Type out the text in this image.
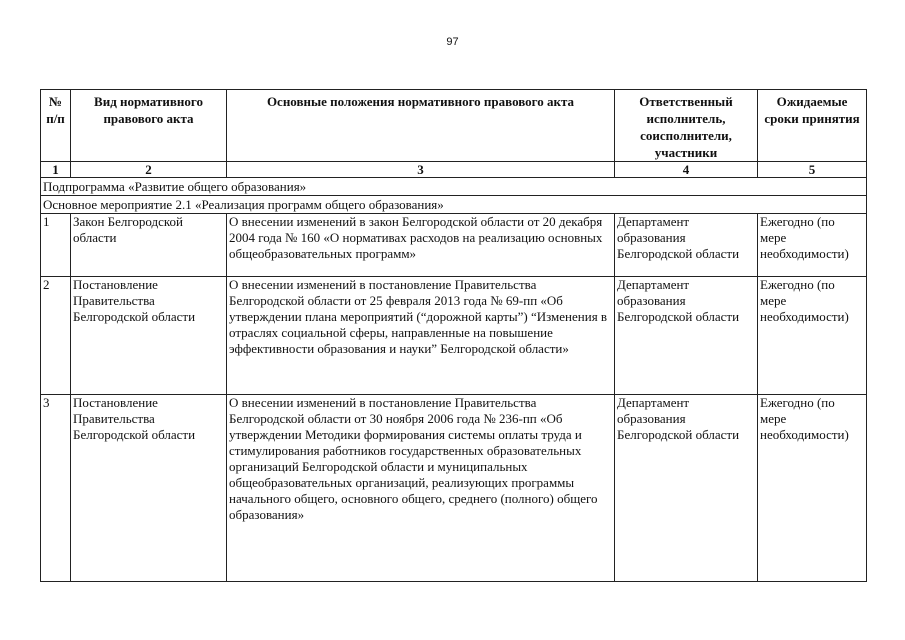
97
№ п/п	Вид нормативного правового акта	Основные положения нормативного правового акта	Ответственный исполнитель, соисполнители, участники	Ожидаемые сроки принятия
1	2	3	4	5
Подпрограмма «Развитие общего образования»				
Основное мероприятие 2.1 «Реализация программ общего образования»				
1	Закон Белгородской области	О внесении изменений в закон Белгородской области от 20 декабря 2004 года № 160 «О нормативах расходов на реализацию основных общеобразовательных программ»	Департамент образования Белгородской области	Ежегодно (по мере необходимости)
2	Постановление Правительства Белгородской области	О внесении изменений в постановление Правительства Белгородской области от 25 февраля 2013 года № 69-пп «Об утверждении плана мероприятий (“дорожной карты”) “Изменения в отраслях социальной сферы, направленные на повышение эффективности образования и науки” Белгородской области»	Департамент образования Белгородской области	Ежегодно (по мере необходимости)
3	Постановление Правительства Белгородской области	О внесении изменений в постановление Правительства Белгородской области от 30 ноября 2006 года № 236-пп «Об утверждении Методики формирования системы оплаты труда и стимулирования работников государственных образовательных организаций Белгородской области и муниципальных общеобразовательных организаций, реализующих программы начального общего, основного общего, среднего (полного) общего образования»	Департамент образования Белгородской области	Ежегодно (по мере необходимости)
